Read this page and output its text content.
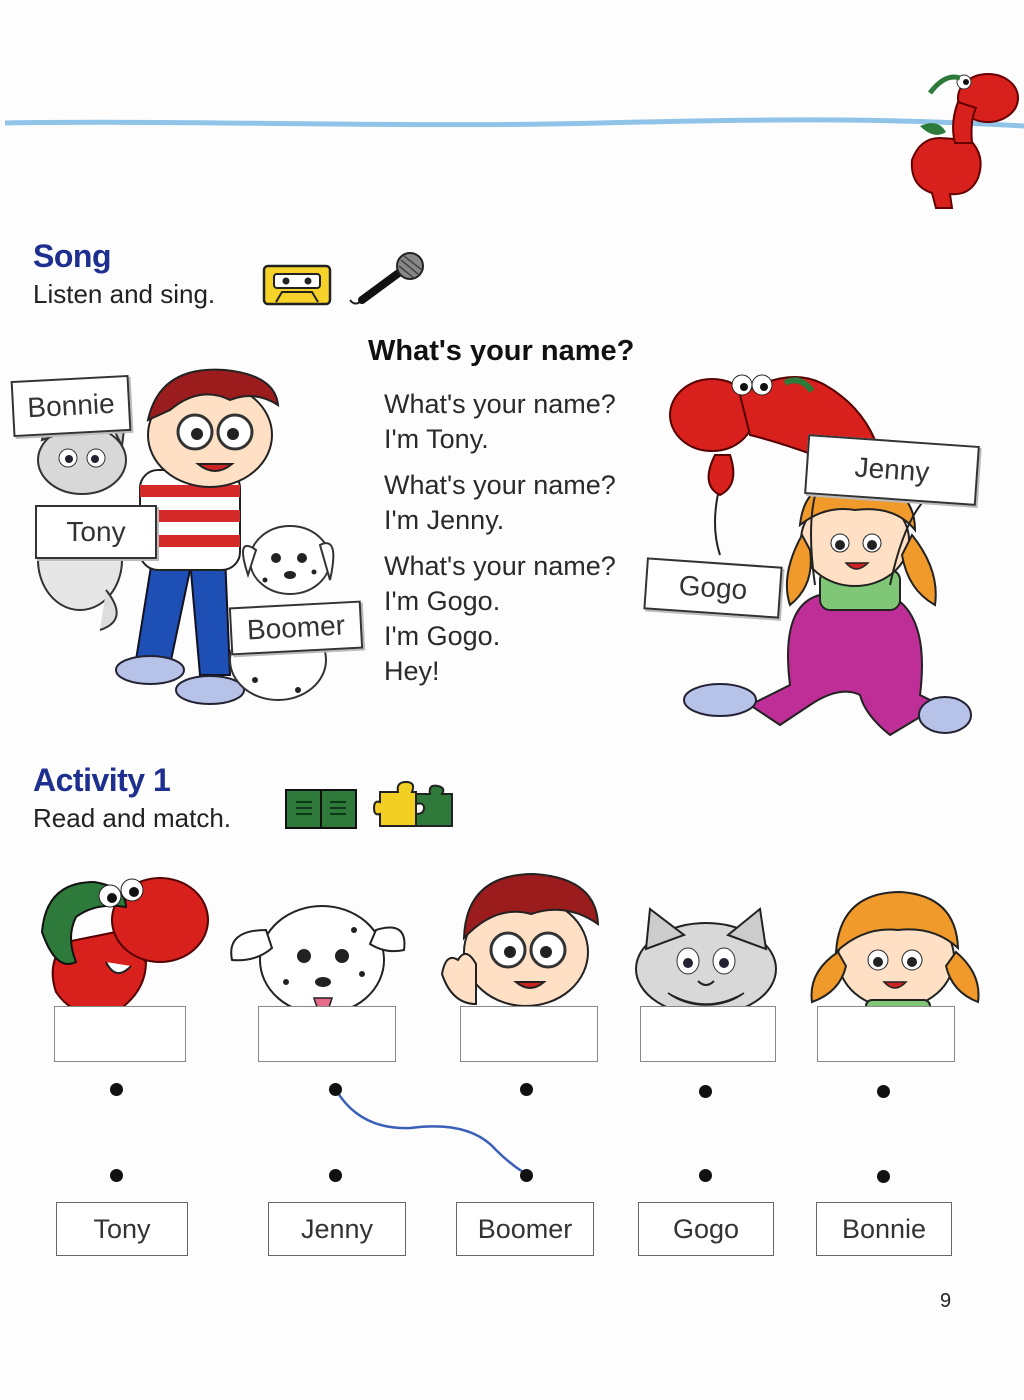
Song
Listen and sing.
What's your name?
What's your name?
I'm Tony.
What's your name?
I'm Jenny.
What's your name?
I'm Gogo.
I'm Gogo.
Hey!
Bonnie
Tony
Boomer
Jenny
Gogo
Activity 1
Read and match.
Tony	Jenny	Boomer	Gogo	Bonnie
9
